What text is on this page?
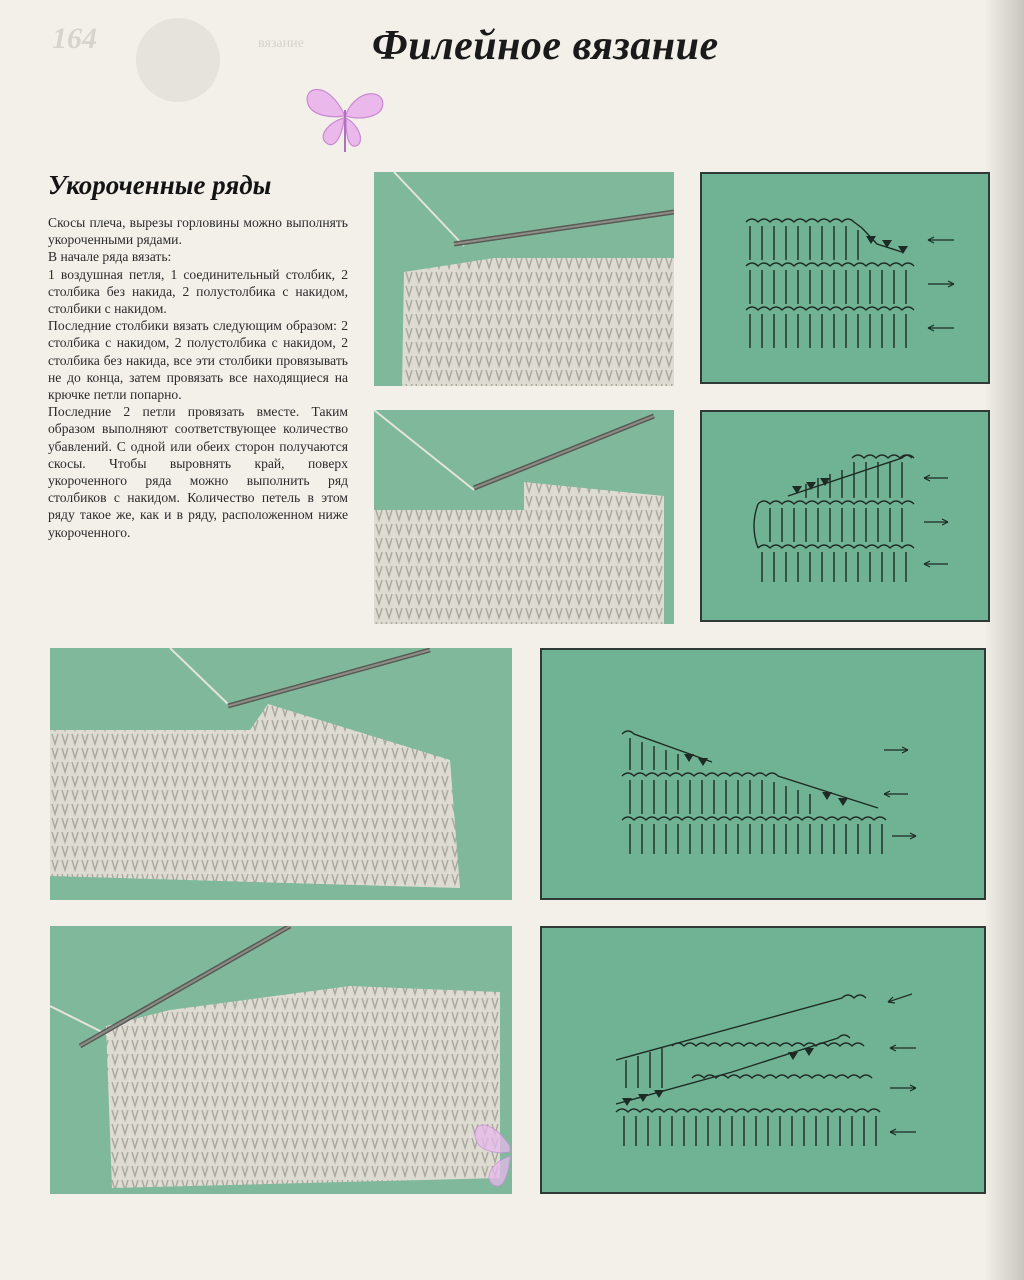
164	вязание Филейное вязание
Укороченные ряды

Скосы плеча, вырезы горловины можно выполнять укороченными рядами.

В начале ряда вязать:

1 воздушная петля, 1 соединительный столбик, 2 столбика без накида, 2 полустолбика с накидом, столбики с накидом.

Последние столбики вязать следующим образом: 2 столбика с накидом, 2 полустолбика с накидом, 2 столбика без накида, все эти столбики провязывать не до конца, затем провязать все находящиеся на крючке петли попарно.

Последние 2 петли провязать вместе. Таким образом выполняют соответствующее количество убавлений. С одной или обеих сторон получаются скосы. Чтобы выровнять край, поверх укороченного ряда можно выполнить ряд столбиков с накидом. Количество петель в этом ряду такое же, как и в ряду, расположенном ниже укороченного.
